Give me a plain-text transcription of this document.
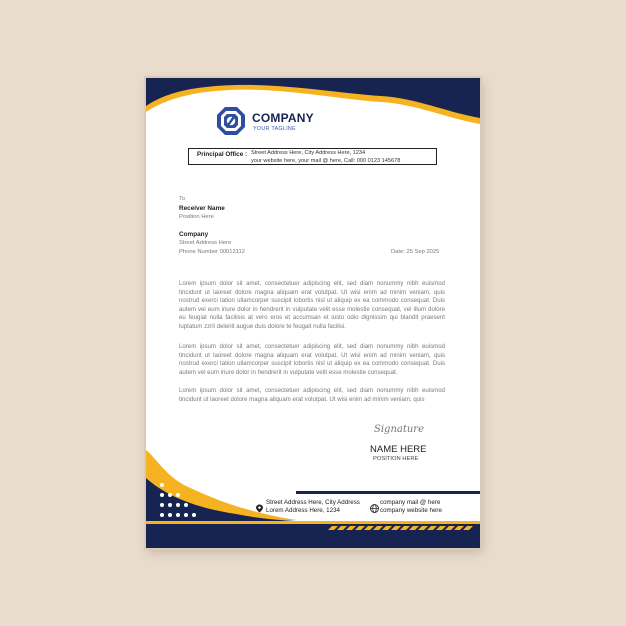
COMPANY
YOUR TAGLINE
Principal Office : Street Address Here, City Address Here, 1234
your website here, your mail @ here, Call: 000 0123 145678
To
Receiver Name
Position Here
Company
Street Address Here
Phone Number 00012112	Date: 25 Sep 2025

Lorem ipsum dolor sit amet, consectetuer adipiscing elit, sed diam nonummy nibh euismod tincidunt ut laoreet dolore magna aliquam erat volutpat. Ut wisi enim ad minim veniam, quis nostrud exerci tation ullamcorper suscipit lobortis nisl ut aliquip ex ea commodo consequat. Duis autem vel eum iriure dolor in hendrerit in vulputate velit esse molestie consequat, vel illum dolore eu feugiat nulla facilisis at vero eros et accumsan et iusto odio dignissim qui blandit praesent luptatum zzril delenit augue duis dolore te feugait nulla facilisi.

Lorem ipsum dolor sit amet, consectetuer adipiscing elit, sed diam nonummy nibh euismod tincidunt ut laoreet dolore magna aliquam erat volutpat. Ut wisi enim ad minim veniam, quis nostrud exerci tation ullamcorper suscipit lobortis nisl ut aliquip ex ea commodo consequat. Duis autem vel eum iriure dolor in hendrerit in vulputate velit esse molestie consequat.

Lorem ipsum dolor sit amet, consectetuer adipiscing elit, sed diam nonummy nibh euismod tincidunt ut laoreet dolore magna aliquam erat volutpat. Ut wisi enim ad minim veniam, quis

Signature
NAME HERE
POSITION HERE
Street Address Here, City Address
Lorem Address Here, 1234
company mail @ here
company website here
